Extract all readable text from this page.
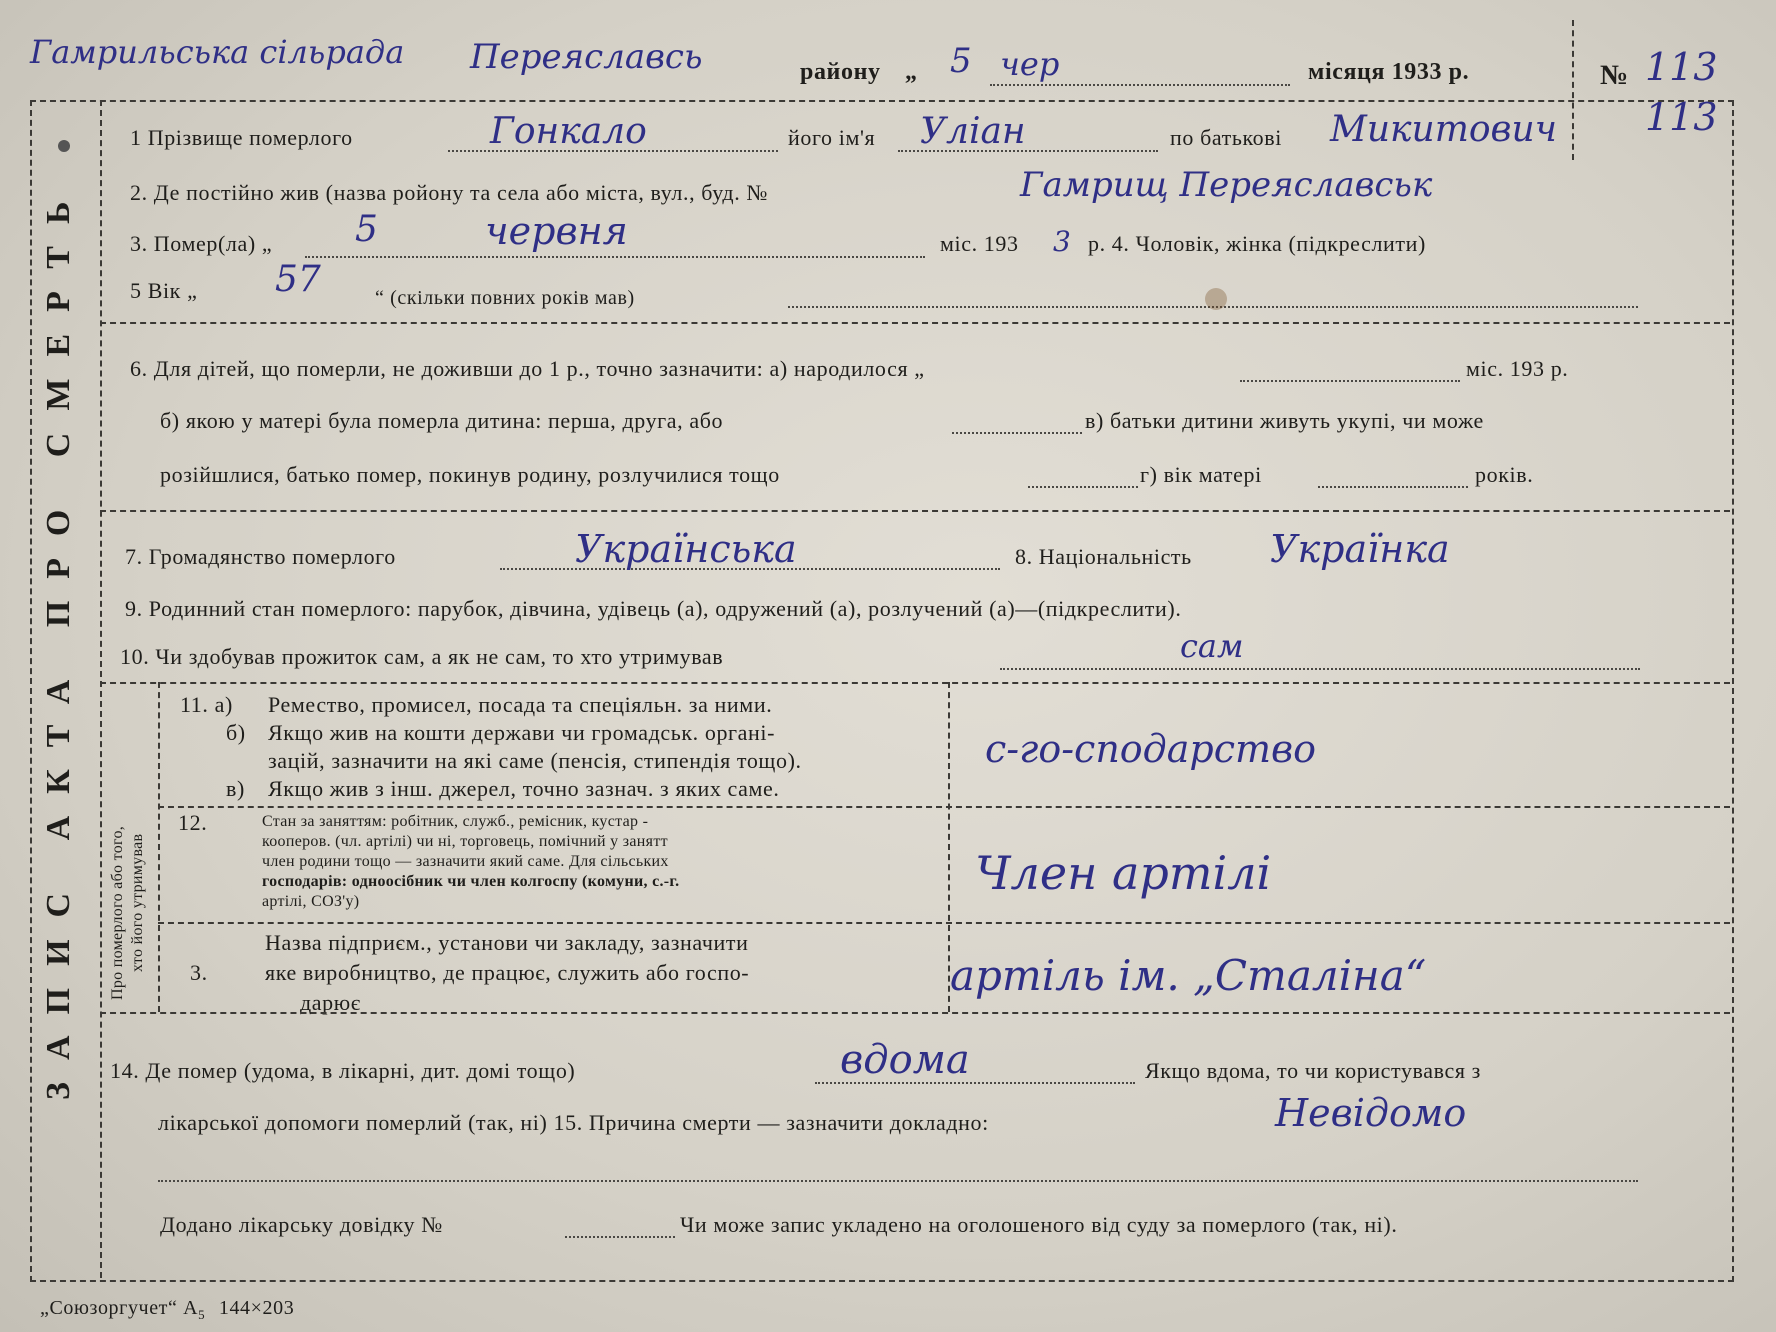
Гамрильська сільрада Переяславсь	району „ 5 чер	місяця 1933 р.	№ 113
113
ЗАПИС АКТА ПРО СМЕРТЬ
1 Прізвище померлого	Гонкало	його ім'я Уліан	по батькові Микитович
2. Де постійно жив (назва ройону та села або міста, вул., буд. №	Гамрищ Переяславськ
3. Помер(ла) „ 5	червня	міс. 193 3 р. 4. Чоловік, жінка (підкреслити)
5 Вік „ 57	“ (скільки повних років мав)
6. Для дітей, що померли, не доживши до 1 р., точно зазначити: а) народилося „	міс. 193 р.
б) якою у матері була померла дитина: перша, друга, або	в) батьки дитини живуть укупі, чи може
розійшлися, батько помер, покинув родину, розлучилися тощо	г) вік матері	років.
7. Громадянство померлого	Українська	8. Національність Українка
9. Родинний стан померлого: парубок, дівчина, удівець (а), одружений (а), розлучений (а)—(підкреслити).
10. Чи здобував прожиток сам, а як не сам, то хто утримував	сам
Про померлого або того, хто його утримував
11. а) Ремество, промисел, посада та спеціяльн. за ними.
б) Якщо жив на кошти держави чи громадськ. органі-
зацій, зазначити на які саме (пенсія, стипендія тощо).
в) Якщо жив з інш. джерел, точно зазнач. з яких саме.
с-го-сподарство
12.	Стан за заняттям: робітник, служб., ремісник, кустар -
кооперов. (чл. артілі) чи ні, торговець, помічний у занятт
член родини тощо — зазначити який саме. Для сільських
господарів: одноосібник чи член колгоспу (комуни, с.-г.
артілі, СОЗ'у)
Член артілі
3.
Назва підприєм., установи чи закладу, зазначити
яке виробництво, де працює, служить або госпо-
дарює
артіль ім. „Сталіна“
14. Де помер (удома, в лікарні, дит. домі тощо)	вдома	Якщо вдома, то чи користувався з
лікарської допомоги померлий (так, ні) 15. Причина смерти — зазначити докладно:	Невідомо
Додано лікарську довідку №	Чи може запис укладено на оголошеного від суду за померлого (так, ні).
„Союзоргучет“ $А_5$ 144×203
